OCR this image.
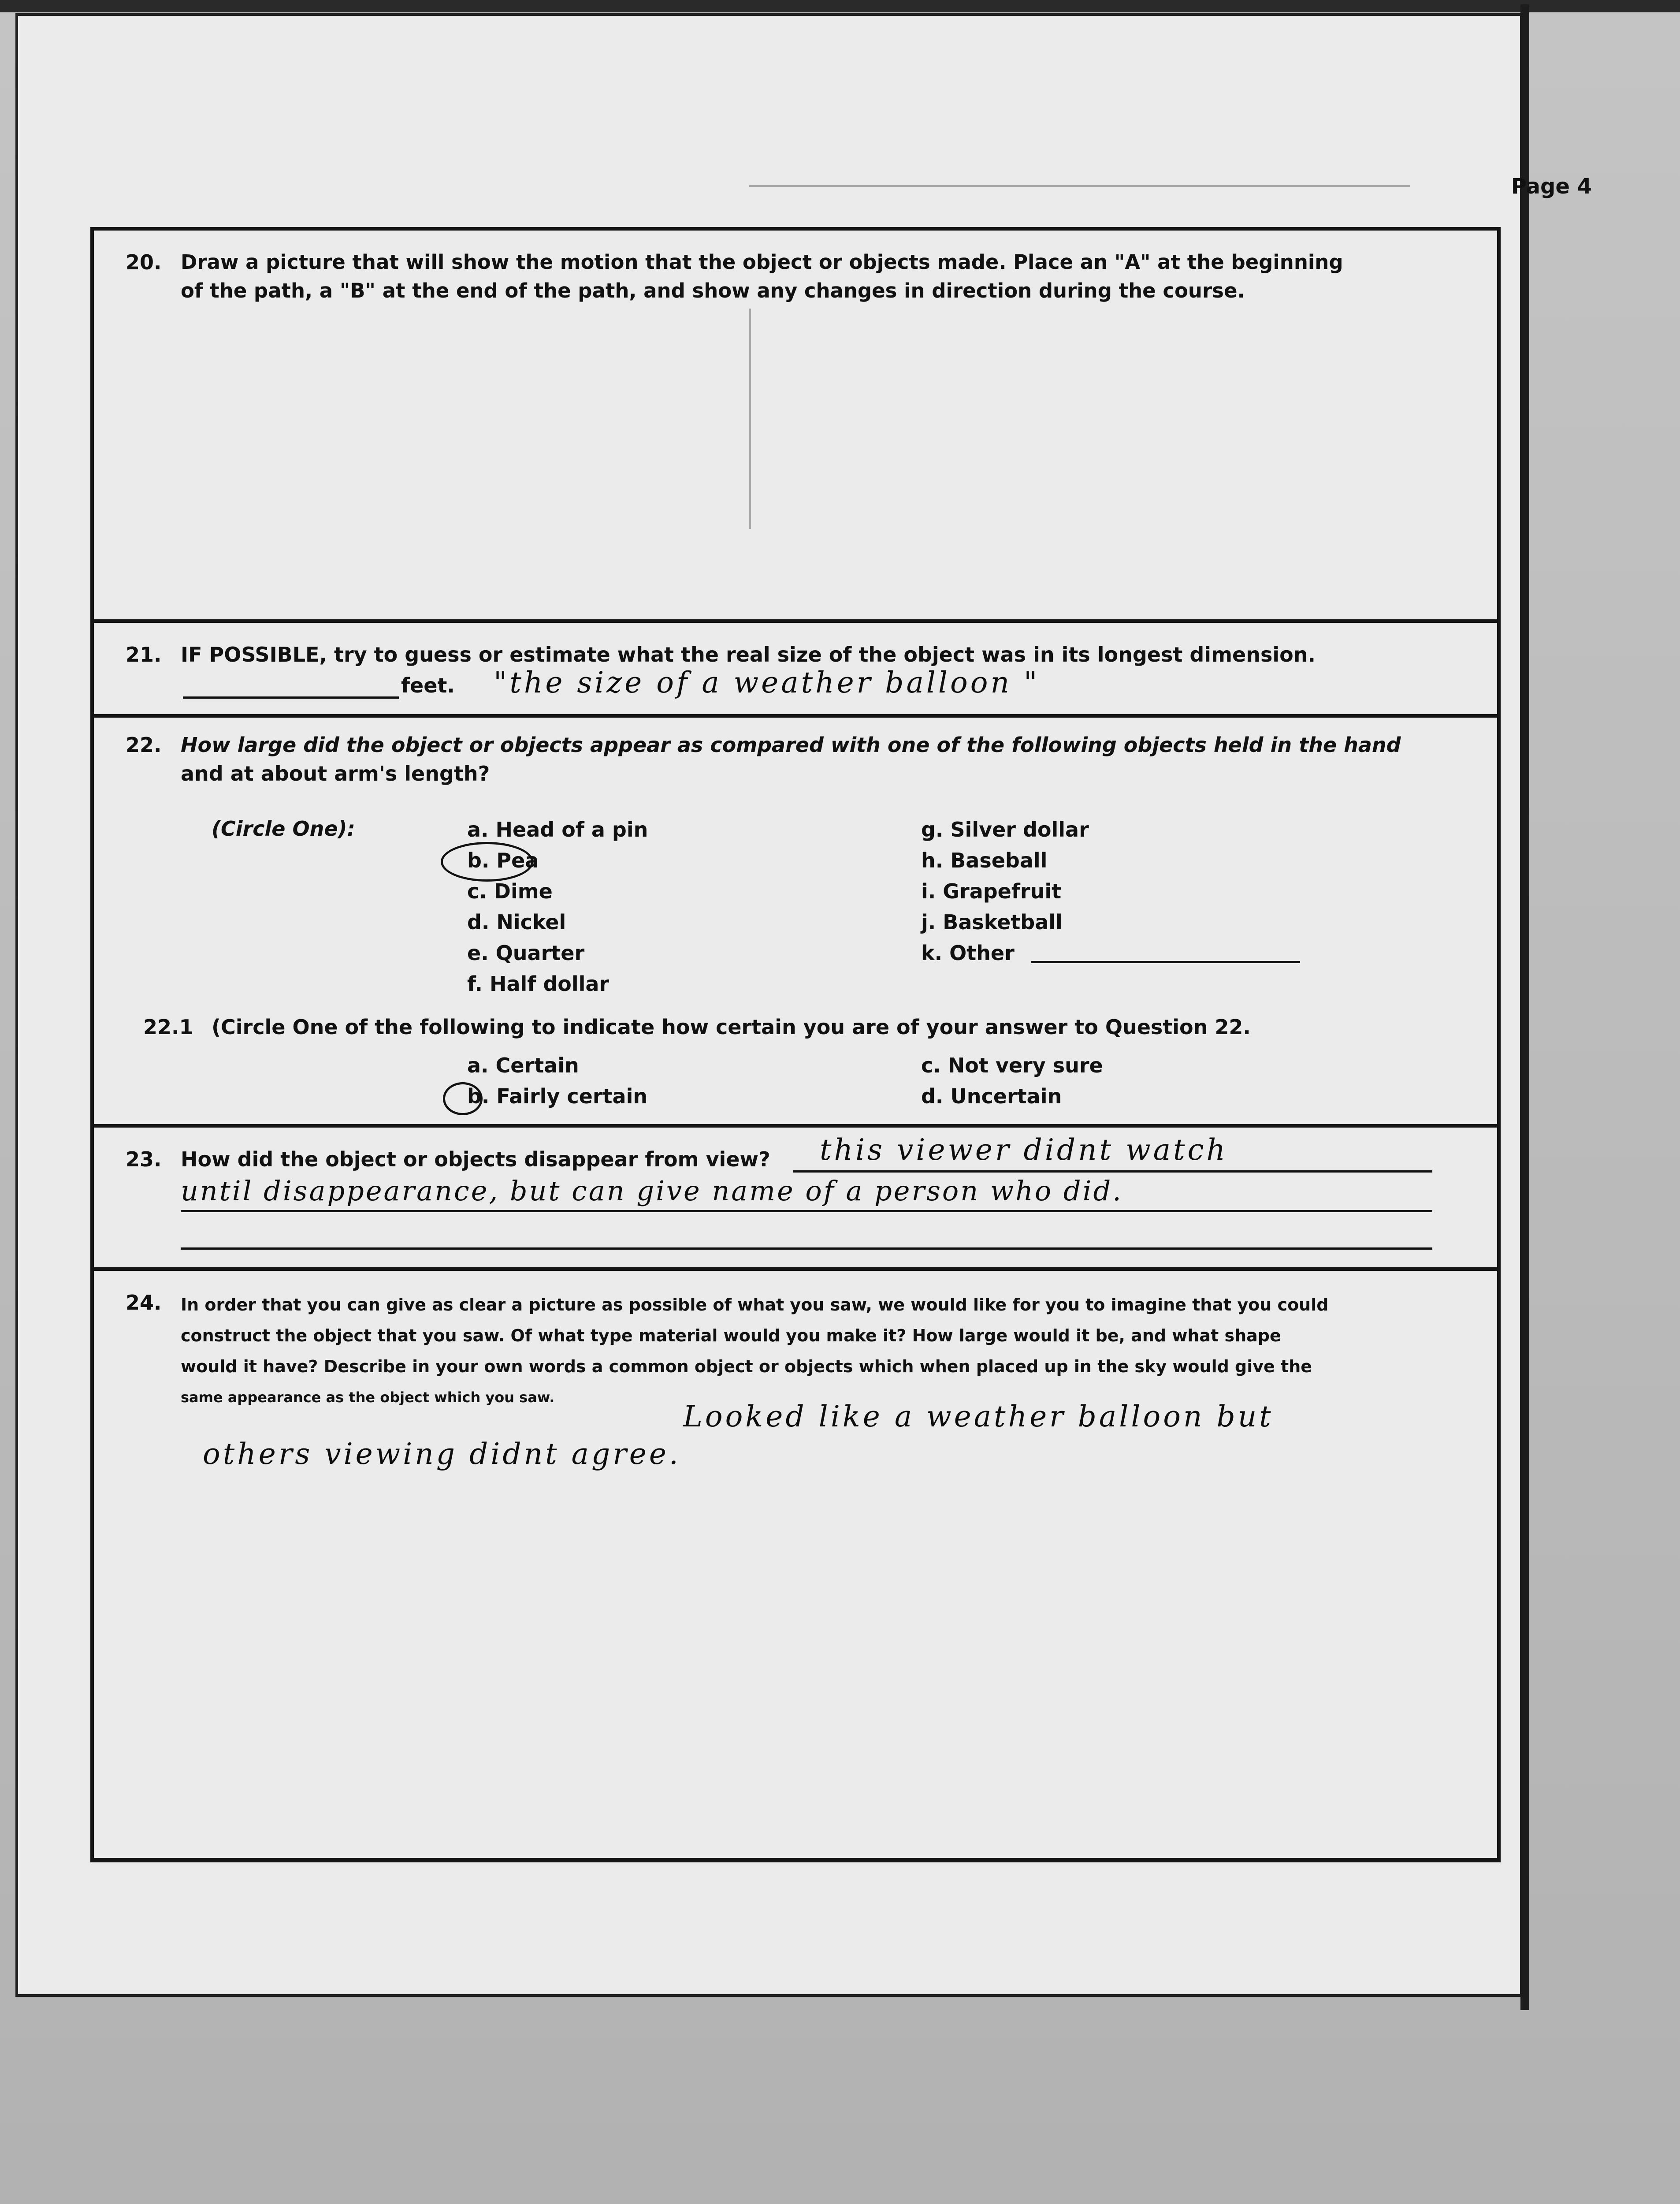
Page 4
20. Draw a picture that will show the motion that the object or objects made. Place an "A" at the beginning
of the path, a "B" at the end of the path, and show any changes in direction during the course.
21. IF POSSIBLE, try to guess or estimate what the real size of the object was in its longest dimension.
feet. "the size of a weather balloon "
22. How large did the object or objects appear as compared with one of the following objects held in the hand
and at about arm's length?
(Circle One):	a. Head of a pin
b. Pea
c. Dime
d. Nickel
e. Quarter
f. Half dollar
g. Silver dollar
h. Baseball
i. Grapefruit
j. Basketball
k. Other
22.1 (Circle One of the following to indicate how certain you are of your answer to Question 22.
a. Certain
b. Fairly certain
c. Not very sure
d. Uncertain
23. How did the object or objects disappear from view? this viewer didnt watch
until disappearance, but can give name of a person who did.
24. In order that you can give as clear a picture as possible of what you saw, we would like for you to imagine that you could
construct the object that you saw. Of what type material would you make it? How large would it be, and what shape
would it have? Describe in your own words a common object or objects which when placed up in the sky would give the
same appearance as the object which you saw.
Looked like a weather balloon but
others viewing didnt agree.
